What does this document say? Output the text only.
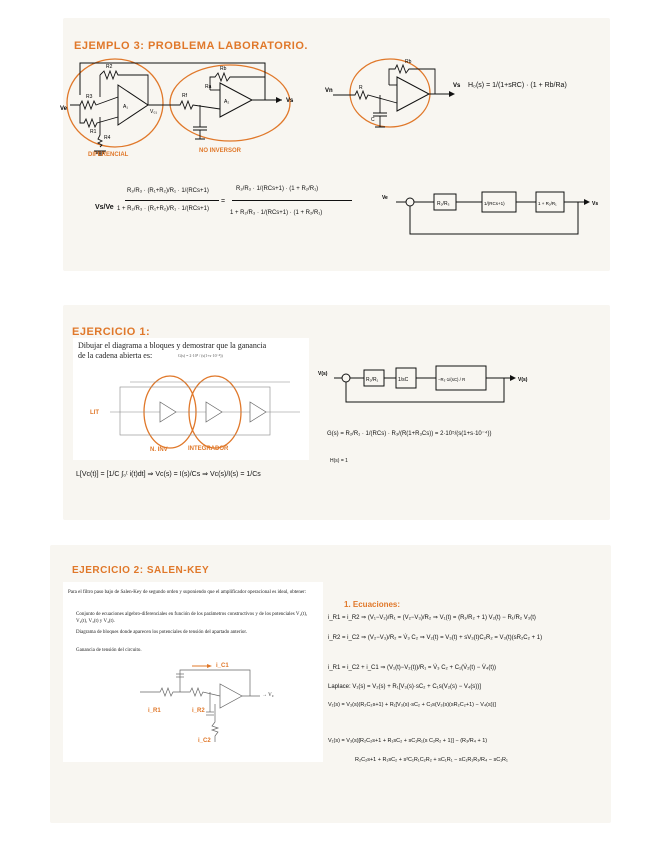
EJEMPLO 3: PROBLEMA LABORATORIO.
A₁
V₀₁
A₂
Ve
Vs
R3
R2
R1
R4
Rf
Rb
Ra
DIFERENCIAL
NO INVERSOR
Vn
Vs
R
Rb
C
H₀(s) = 1/(1+sRC) · (1 + Rb/Ra)
Vs/Ve
R₂/R₃ · (R₁+R₂)/R₁ · 1/(RCs+1)
1 + R₂/R₃ · (R₁+R₂)/R₁ · 1/(RCs+1)
=
R₂/R₃ · 1/(RCs+1) · (1 + R₂/R₁)
1 + R₂/R₃ · 1/(RCs+1) · (1 + R₂/R₁)
Ve
Vs
R₂/R₃	1/(RCs+1)	1 + R₂/R₁
EJERCICIO 1:
Dibujar el diagrama a bloques y demostrar que la ganancia
de la cadena abierta es:	G(s) = 2·10⁵ / (s(1+s·10⁻⁴))
LIT
N. INV	INTEGRADOR
V(s)
V(s)
R₂/R₁	1/sC	−R₃·1/(sC) / R
G(s) = R₂/R₁ · 1/(RCs) · R₃/(R(1+R₃Cs)) = 2·10⁵/(s(1+s·10⁻⁴))
H(s) = 1
L[Vc(t)] = [1/C ∫₀ᵗ i(t)dt] ⇒ Vc(s) = I(s)/Cs ⇒ Vc(s)/I(s) = 1/Cs
EJERCICIO 2: SALEN-KEY
Para el filtro paso bajo de Salen-Key de segundo orden y suponiendo que el amplificador operacional es ideal, obtener:
Conjunto de ecuaciones algebro-diferenciales en función de los parámetros constructivos y de los potenciales V₁(t), V₂(t), V₃(t) y V₄(t).
Diagrama de bloques donde aparecen los potenciales de tensión del apartado anterior.
Ganancia de tensión del circuito.
i_C1
i_R1	i_R2
i_C2
→ V₀
1. Ecuaciones:
i_R1 = i_R2 ⇒ (V₁−V₂)/R₁ = (V₂−V₃)/R₂ ⇒ V₁(t) = (R₁/R₂ + 1) V₂(t) − R₁/R₂ V₃(t)
i_R2 = i_C2 ⇒ (V₂−V₃)/R₂ = V̇₃ C₂ ⇒ V₂(t) = V₃(t) + sV₃(t)C₂R₂ = V₃(t)(sR₂C₂ + 1)
i_R1 = i_C2 + i_C1 ⇒ (V₁(t)−V₂(t))/R₁ = V̇₃ C₂ + C₁(V̇₂(t) − V̇₄(t))
Laplace: V₁(s) = V₂(s) + R₁[V₃(s)·sC₂ + C₁s(V₂(s) − V₄(s))]
V₁(s) = V₃(s)(R₂C₂s+1) + R₁[V₃(s)·sC₂ + C₁s(V₃(s)(sR₂C₂+1) − V₄(s))]
V₁(s) = V₃(s)[R₂C₂s+1 + R₁sC₂ + sC₁R₁(s C₂R₂ + 1)] − (R₃/R₄ + 1)
R₂C₂s+1 + R₁sC₂ + s²C₁R₁C₂R₂ + sC₁R₁ − sC₁R₁R₃/R₄ − sC₁R₁
